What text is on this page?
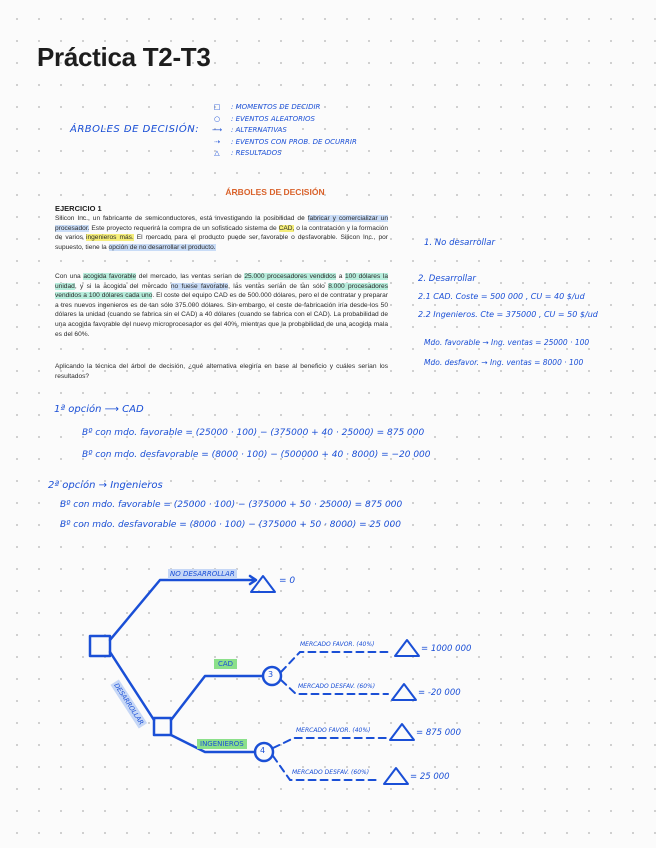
Práctica T2-T3
ÁRBOLES DE DECISIÓN:
□	: MOMENTOS DE DECIDIR
○	: EVENTOS ALEATORIOS
⟶	: ALTERNATIVAS
⇢	: EVENTOS CON PROB. DE OCURRIR
△	: RESULTADOS
ÁRBOLES DE DECISIÓN
EJERCICIO 1
Silicon Inc., un fabricante de semiconductores, está investigando la posibilidad de fabricar y comercializar un procesador. Este proyecto requerirá la compra de un sofisticado sistema de CAD, o la contratación y la formación de varios ingenieros más. El mercado para el producto puede ser favorable o desfavorable. Silicon Inc., por supuesto, tiene la opción de no desarrollar el producto.
Con una acogida favorable del mercado, las ventas serían de 25.000 procesadores vendidos a 100 dólares la unidad, y si la acogida del mercado no fuese favorable, las ventas serían de tan sólo 8.000 procesadores vendidos a 100 dólares cada uno. El coste del equipo CAD es de 500.000 dólares, pero el de contratar y preparar a tres nuevos ingenieros es de tan sólo 375.000 dólares. Sin embargo, el coste de fabricación iría desde los 50 dólares la unidad (cuando se fabrica sin el CAD) a 40 dólares (cuando se fabrica con el CAD). La probabilidad de una acogida favorable del nuevo microprocesador es del 40%, mientras que la probabilidad de una acogida mala es del 60%.
Aplicando la técnica del árbol de decisión, ¿qué alternativa elegiría en base al beneficio y cuáles serían los resultados?
1. No desarrollar
2. Desarrollar
2.1 CAD. Coste = 500 000 , CU = 40 $/ud
2.2 Ingenieros. Cte = 375000 , CU = 50 $/ud
Mdo. favorable → Ing. ventas = 25000 · 100
Mdo. desfavor. → Ing. ventas = 8000 · 100
1ª opción ⟶ CAD
Bº con mdo. favorable = (25000 · 100) − (375000 + 40 · 25000) = 875 000
Bº con mdo. desfavorable = (8000 · 100) − (500000 + 40 · 8000) = −20 000
2ª opción → Ingenieros
Bº con mdo. favorable = (25000 · 100) − (375000 + 50 · 25000) = 875 000
Bº con mdo. desfavorable = (8000 · 100) − (375000 + 50 · 8000) = 25 000
NO DESARROLLAR
= 0
DESARROLLAR
CAD
INGENIEROS
3
4
MERCADO FAVOR. (40%)	= 1000 000
MERCADO DESFAV. (60%)
= -20 000
MERCADO FAVOR. (40%)	= 875 000
MERCADO DESFAV. (60%)	= 25 000
